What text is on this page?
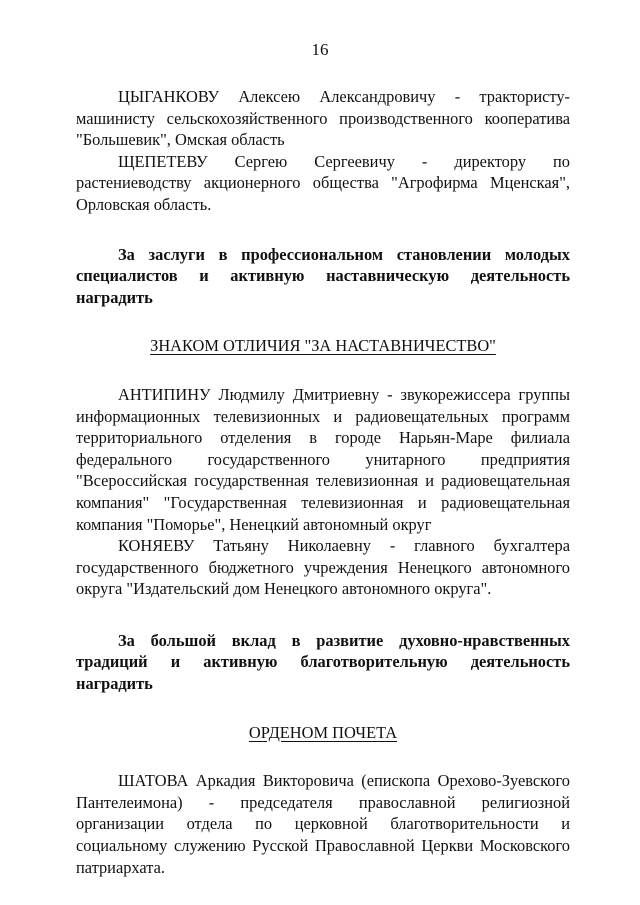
16

ЦЫГАНКОВУ Алексею Александровичу - трактористу-машинисту сельскохозяйственного производственного кооператива "Большевик", Омская область

ЩЕПЕТЕВУ Сергею Сергеевичу - директору по растениеводству акционерного общества "Агрофирма Мценская", Орловская область.

За заслуги в профессиональном становлении молодых специалистов и активную наставническую деятельность наградить

ЗНАКОМ ОТЛИЧИЯ "ЗА НАСТАВНИЧЕСТВО"

АНТИПИНУ Людмилу Дмитриевну - звукорежиссера группы информационных телевизионных и радиовещательных программ территориального отделения в городе Нарьян-Маре филиала федерального государственного унитарного предприятия "Всероссийская государственная телевизионная и радиовещательная компания" "Государственная телевизионная и радиовещательная компания "Поморье", Ненецкий автономный округ

КОНЯЕВУ Татьяну Николаевну - главного бухгалтера государственного бюджетного учреждения Ненецкого автономного округа "Издательский дом Ненецкого автономного округа".

За большой вклад в развитие духовно-нравственных традиций и активную благотворительную деятельность наградить

ОРДЕНОМ ПОЧЕТА

ШАТОВА Аркадия Викторовича (епископа Орехово-Зуевского Пантелеимона) - председателя православной религиозной организации отдела по церковной благотворительности и социальному служению Русской Православной Церкви Московского патриархата.
